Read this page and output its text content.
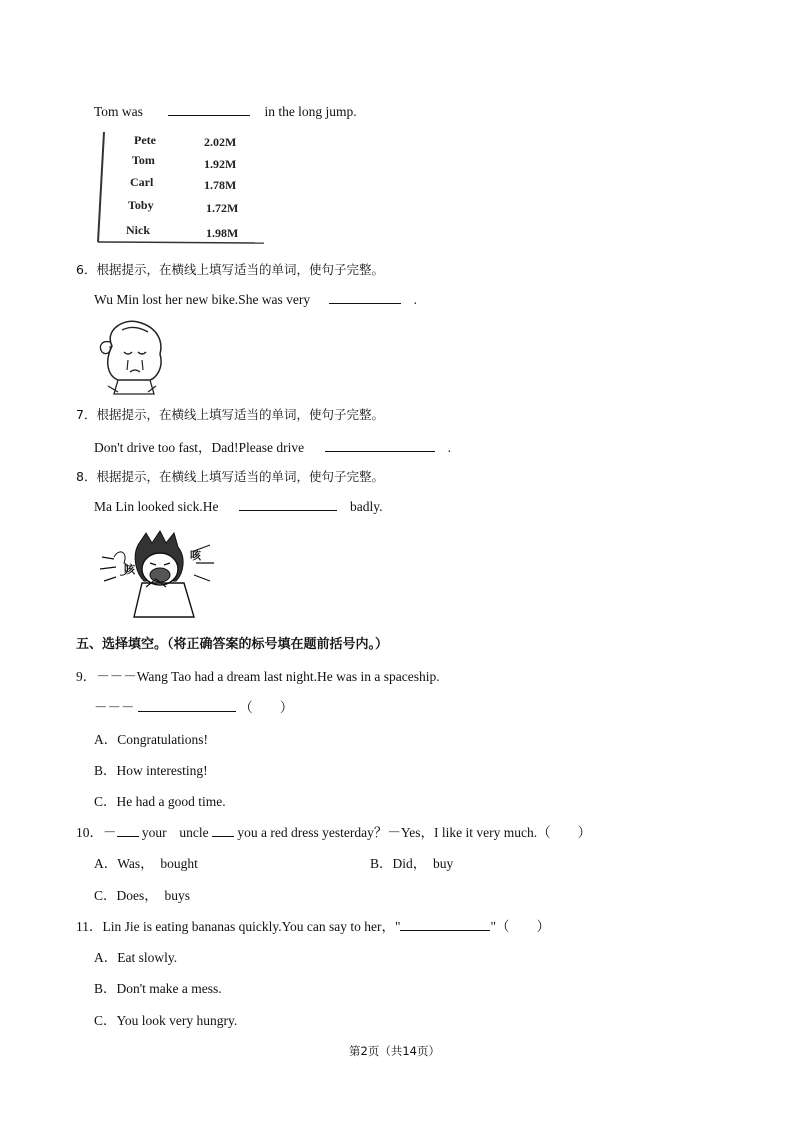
Tom was	in the long jump.
Pete	2.02M
Tom	1.92M
Carl	1.78M
Toby	1.72M
Nick	1.98M
6．根据提示，在横线上填写适当的单词，使句子完整。
Wu Min lost her new bike.She was very	.
7．根据提示，在横线上填写适当的单词，使句子完整。
Don't drive too fast，Dad!Please drive	.
8．根据提示，在横线上填写适当的单词，使句子完整。
Ma Lin looked sick.He	badly.
咳
咳
五、选择填空。（将正确答案的标号填在题前括号内。）
9．－－－Wang Tao had a dream last night.He was in a spaceship.
－－－	（　　）
A．Congratulations!
B．How interesting!
C．He had a good time.
10．－ your uncle you a red dress yesterday？－Yes，I like it very much.（　　）
A．Was，　bought	B．Did，　buy
C．Does，　buys
11．Lin Jie is eating bananas quickly.You can say to her，"	"（　　）
A．Eat slowly.
B．Don't make a mess.
C．You look very hungry.
第2页（共14页）
